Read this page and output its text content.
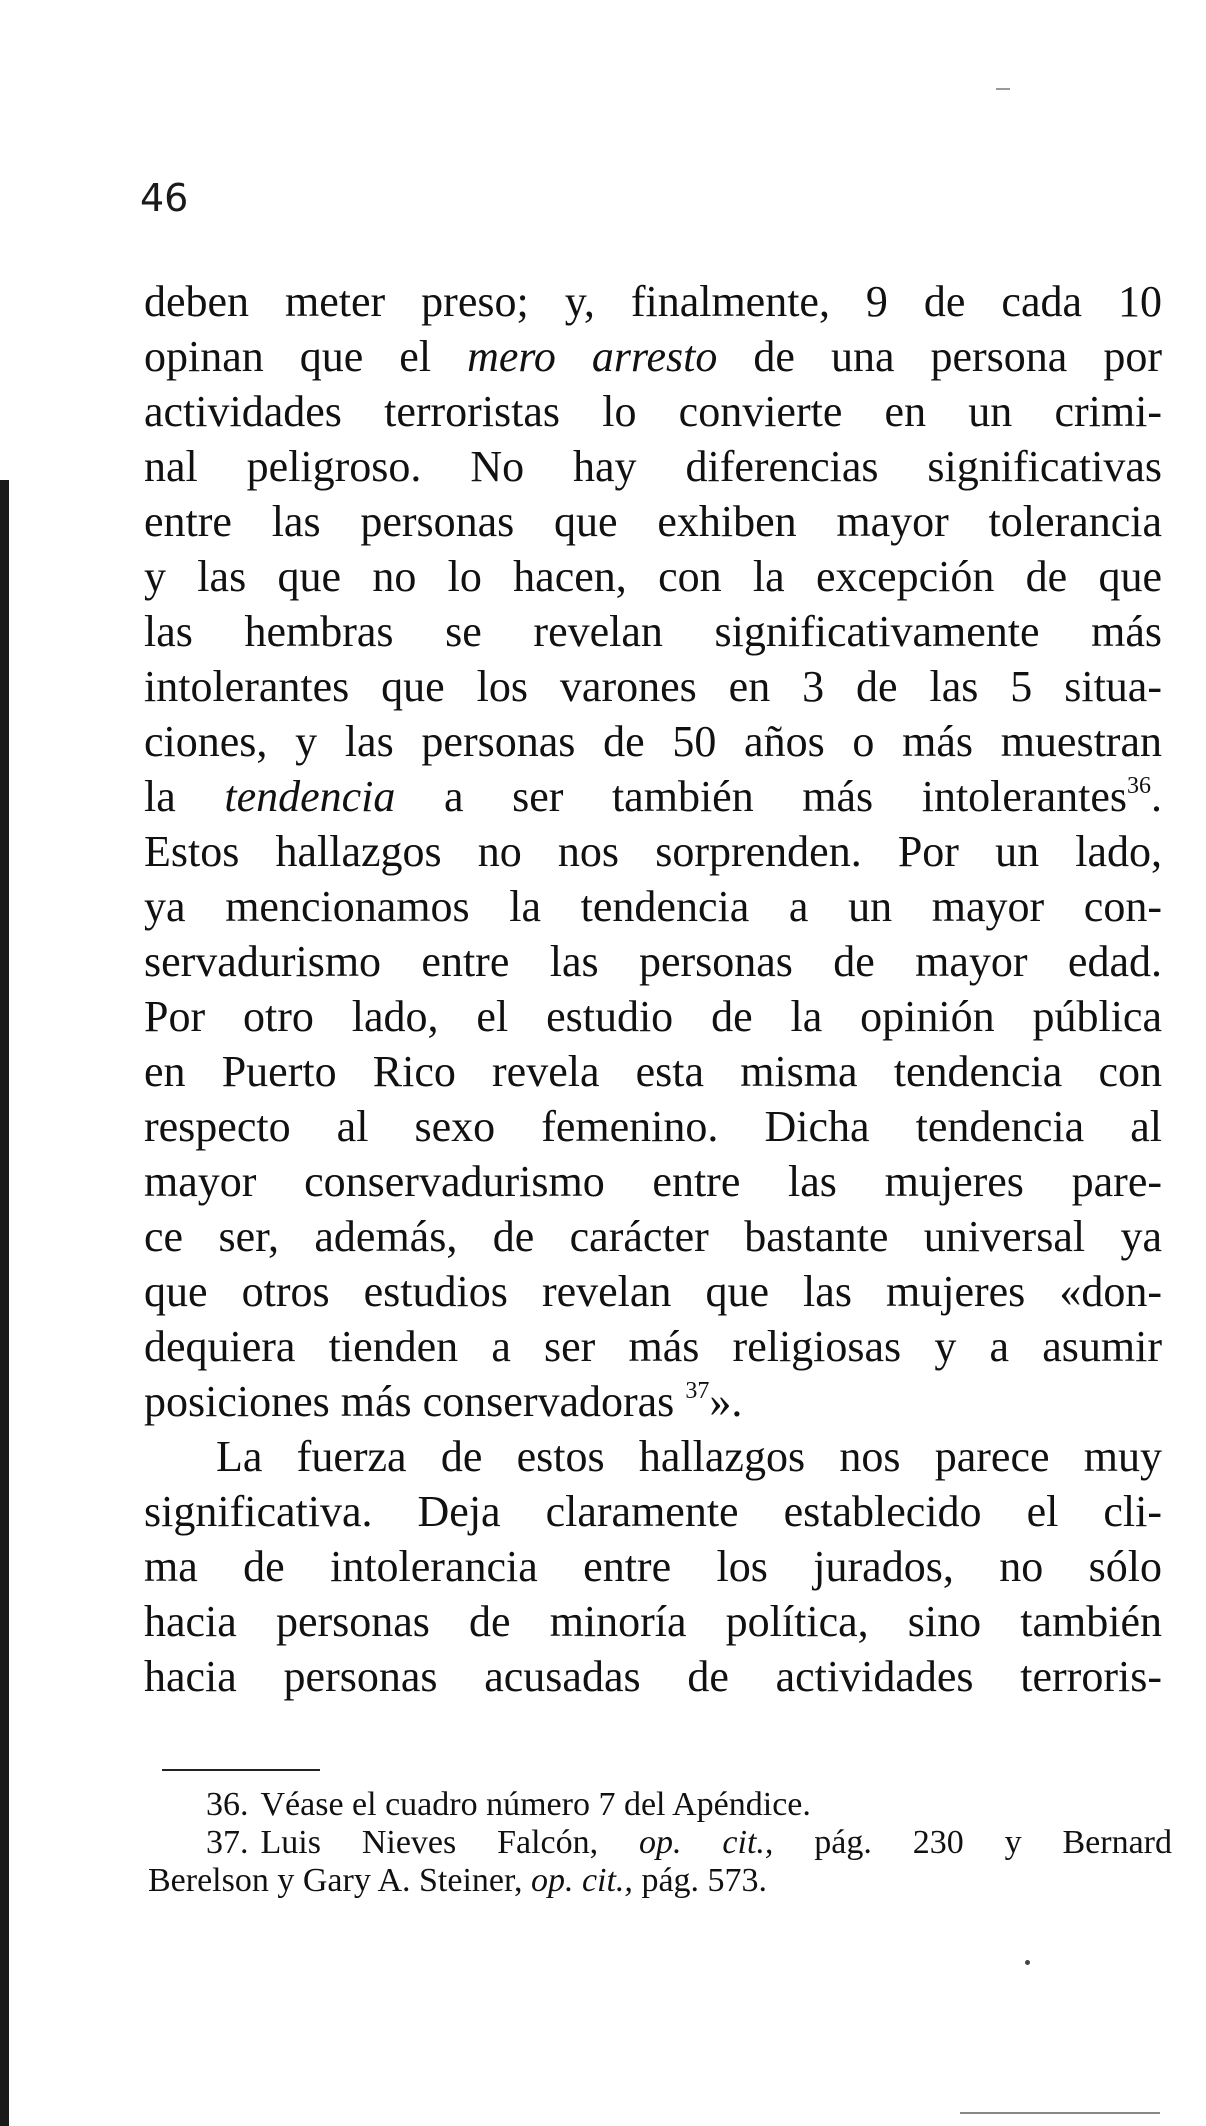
46
deben meter preso; y, finalmente, 9 de cada 10
opinan que el mero arresto de una persona por
actividades terroristas lo convierte en un crimi-
nal peligroso. No hay diferencias significativas
entre las personas que exhiben mayor tolerancia
y las que no lo hacen, con la excepción de que
las hembras se revelan significativamente más
intolerantes que los varones en 3 de las 5 situa-
ciones, y las personas de 50 años o más muestran
la tendencia a ser también más intolerantes$^{36}$.
Estos hallazgos no nos sorprenden. Por un lado,
ya mencionamos la tendencia a un mayor con-
servadurismo entre las personas de mayor edad.
Por otro lado, el estudio de la opinión pública
en Puerto Rico revela esta misma tendencia con
respecto al sexo femenino. Dicha tendencia al
mayor conservadurismo entre las mujeres pare-
ce ser, además, de carácter bastante universal ya
que otros estudios revelan que las mujeres «don-
dequiera tienden a ser más religiosas y a asumir
posiciones más conservadoras $^{37}$».
La fuerza de estos hallazgos nos parece muy
significativa. Deja claramente establecido el cli-
ma de intolerancia entre los jurados, no sólo
hacia personas de minoría política, sino también
hacia personas acusadas de actividades terroris-
36. Véase el cuadro número 7 del Apéndice.
37. Luis Nieves Falcón, op. cit., pág. 230 y Bernard
Berelson y Gary A. Steiner, op. cit., pág. 573.
